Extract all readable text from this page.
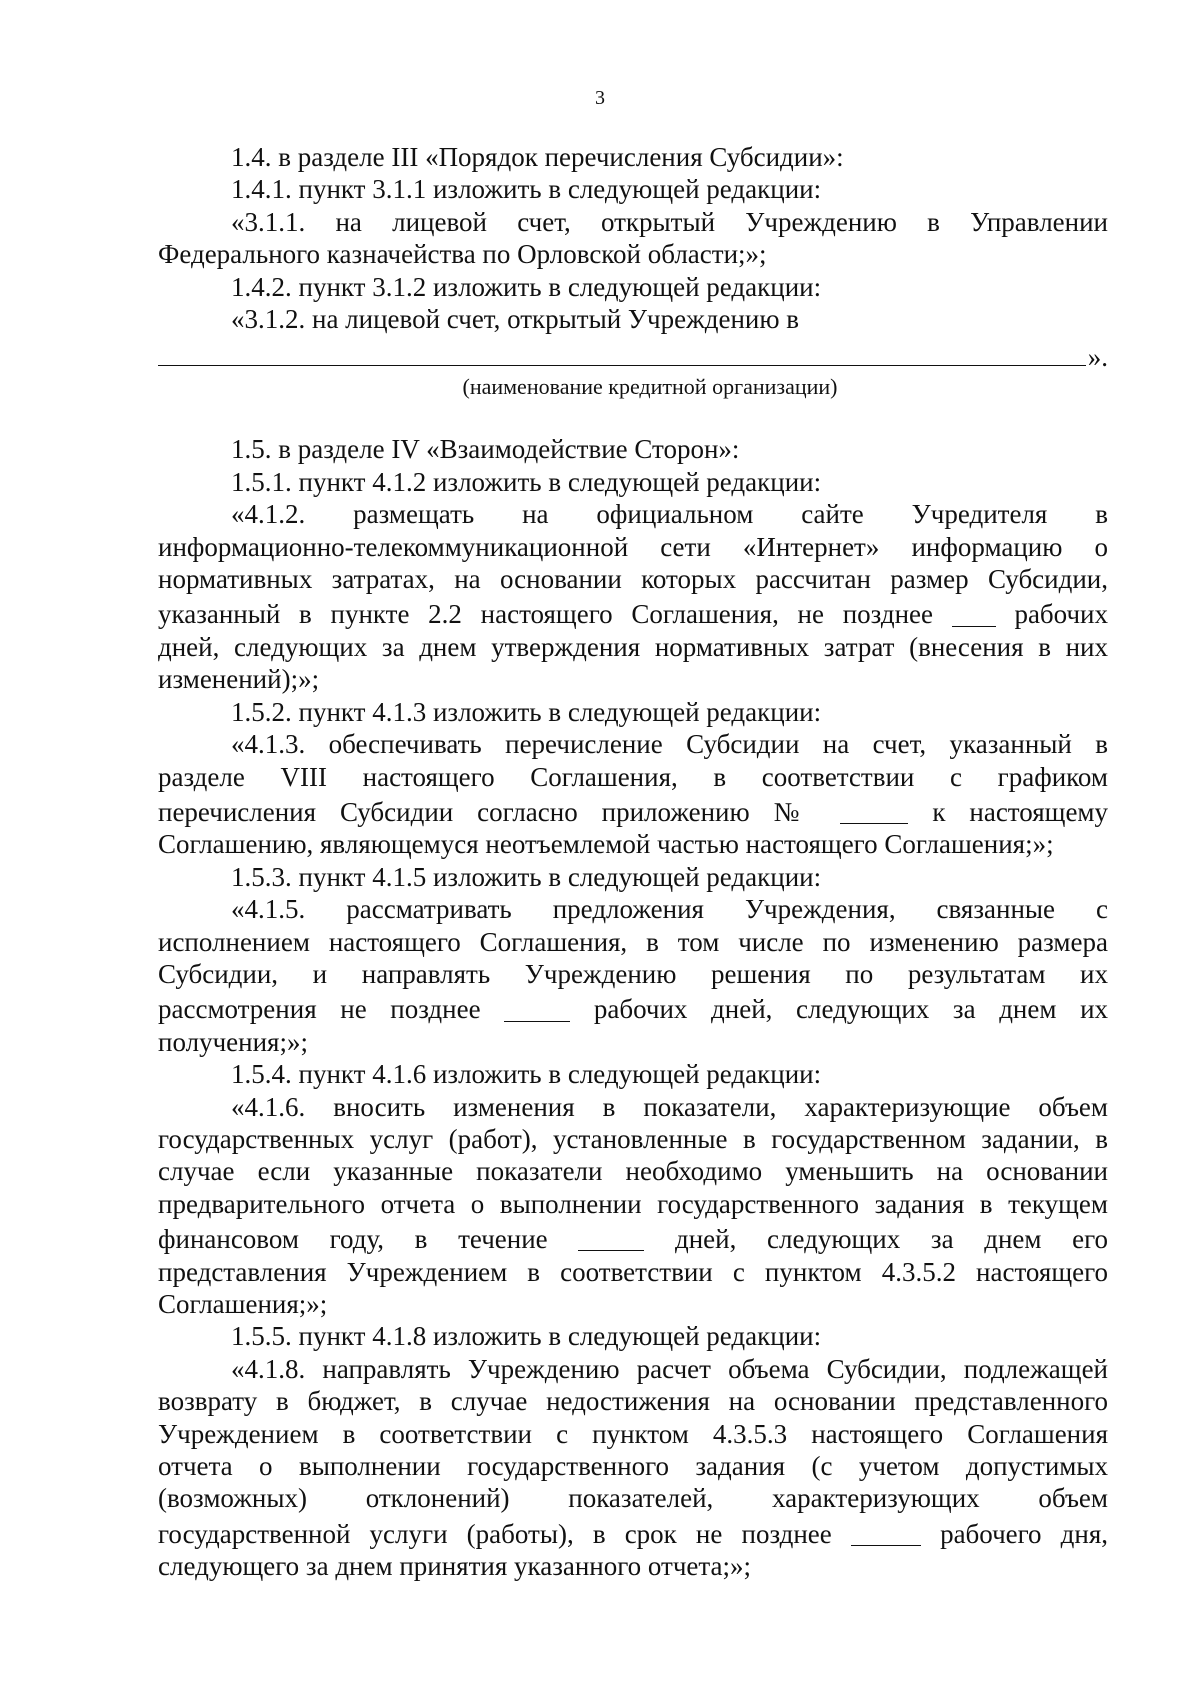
3
1.4. в разделе III «Порядок перечисления Субсидии»:
1.4.1. пункт 3.1.1 изложить в следующей редакции:
«3.1.1. на лицевой счет, открытый Учреждению в Управлении
Федерального казначейства по Орловской области;»;
1.4.2. пункт 3.1.2 изложить в следующей редакции:
«3.1.2. на лицевой счет, открытый Учреждению в
».
(наименование кредитной организации)
1.5. в разделе IV «Взаимодействие Сторон»:
1.5.1. пункт 4.1.2 изложить в следующей редакции:
«4.1.2. размещать на официальном сайте Учредителя в
информационно-телекоммуникационной сети «Интернет» информацию о
нормативных затратах, на основании которых рассчитан размер Субсидии,
указанный в пункте 2.2 настоящего Соглашения, не позднее	рабочих
дней, следующих за днем утверждения нормативных затрат (внесения в них
изменений);»;
1.5.2. пункт 4.1.3 изложить в следующей редакции:
«4.1.3. обеспечивать перечисление Субсидии на счет, указанный в
разделе VIII настоящего Соглашения, в соответствии с графиком
перечисления Субсидии согласно приложению №	к настоящему
Соглашению, являющемуся неотъемлемой частью настоящего Соглашения;»;
1.5.3. пункт 4.1.5 изложить в следующей редакции:
«4.1.5. рассматривать предложения Учреждения, связанные с
исполнением настоящего Соглашения, в том числе по изменению размера
Субсидии, и направлять Учреждению решения по результатам их
рассмотрения не позднее	рабочих дней, следующих за днем их
получения;»;
1.5.4. пункт 4.1.6 изложить в следующей редакции:
«4.1.6. вносить изменения в показатели, характеризующие объем
государственных услуг (работ), установленные в государственном задании, в
случае если указанные показатели необходимо уменьшить на основании
предварительного отчета о выполнении государственного задания в текущем
финансовом году, в течение	дней, следующих за днем его
представления Учреждением в соответствии с пунктом 4.3.5.2 настоящего
Соглашения;»;
1.5.5. пункт 4.1.8 изложить в следующей редакции:
«4.1.8. направлять Учреждению расчет объема Субсидии, подлежащей
возврату в бюджет, в случае недостижения на основании представленного
Учреждением в соответствии с пунктом 4.3.5.3 настоящего Соглашения
отчета о выполнении государственного задания (с учетом допустимых
(возможных) отклонений) показателей, характеризующих объем
государственной услуги (работы), в срок не позднее	рабочего дня,
следующего за днем принятия указанного отчета;»;
